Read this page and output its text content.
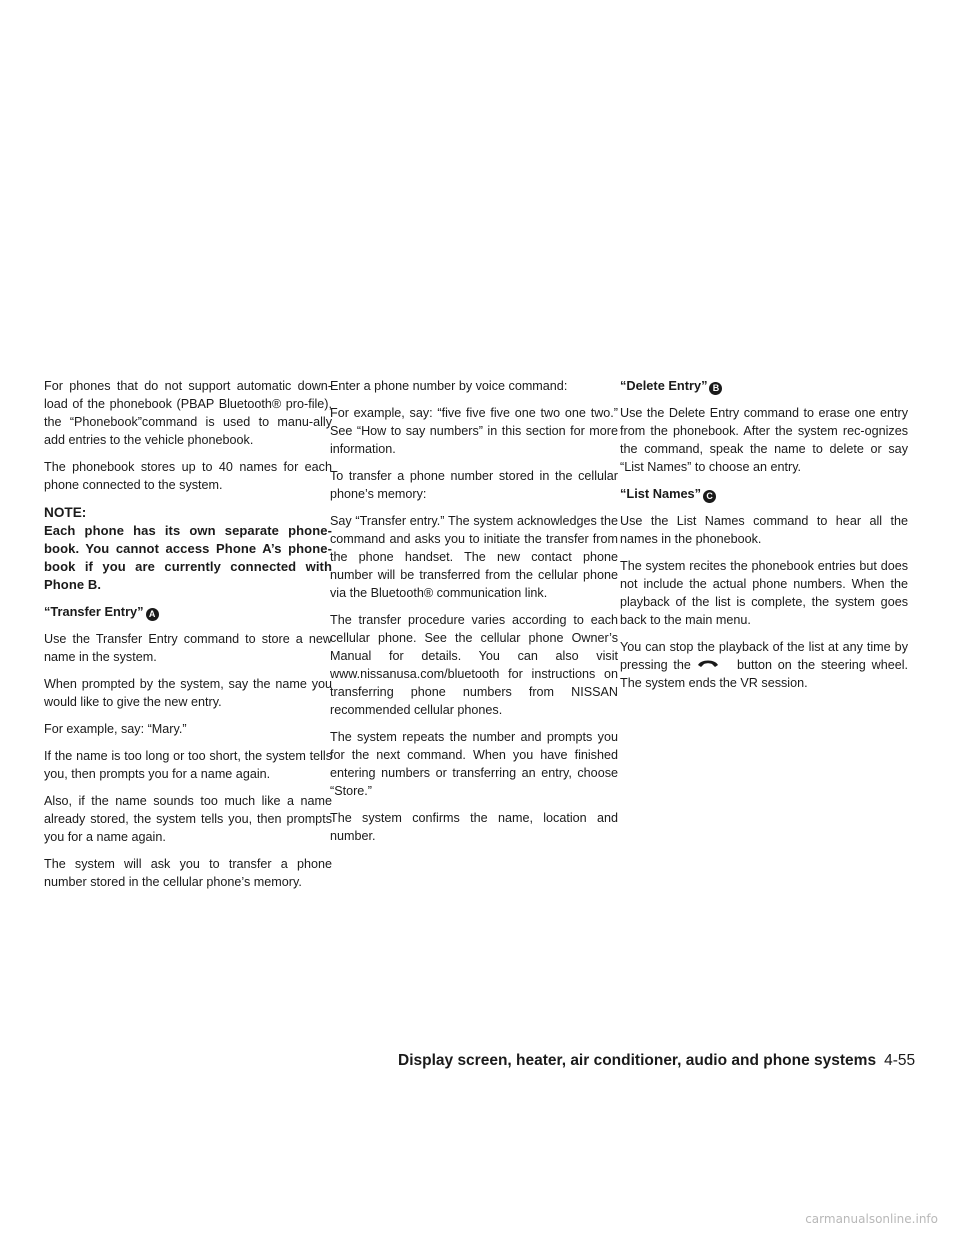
For phones that do not support automatic down-load of the phonebook (PBAP Bluetooth® pro-file), the “Phonebook”command is used to manu-ally add entries to the vehicle phonebook.

The phonebook stores up to 40 names for each phone connected to the system.

NOTE:

Each phone has its own separate phone-book. You cannot access Phone A’s phone-book if you are currently connected with Phone B.

“Transfer Entry” A

Use the Transfer Entry command to store a new name in the system.

When prompted by the system, say the name you would like to give the new entry.

For example, say: “Mary.”

If the name is too long or too short, the system tells you, then prompts you for a name again.

Also, if the name sounds too much like a name already stored, the system tells you, then prompts you for a name again.

The system will ask you to transfer a phone number stored in the cellular phone’s memory.

Enter a phone number by voice command:

For example, say: “five five five one two one two.” See “How to say numbers” in this section for more information.

To transfer a phone number stored in the cellular phone’s memory:

Say “Transfer entry.” The system acknowledges the command and asks you to initiate the transfer from the phone handset. The new contact phone number will be transferred from the cellular phone via the Bluetooth® communication link.

The transfer procedure varies according to each cellular phone. See the cellular phone Owner’s Manual for details. You can also visit www.nissanusa.com/bluetooth for instructions on transferring phone numbers from NISSAN recommended cellular phones.

The system repeats the number and prompts you for the next command. When you have finished entering numbers or transferring an entry, choose “Store.”

The system confirms the name, location and number.

“Delete Entry” B

Use the Delete Entry command to erase one entry from the phonebook. After the system rec-ognizes the command, speak the name to delete or say “List Names” to choose an entry.

“List Names” C

Use the List Names command to hear all the names in the phonebook.

The system recites the phonebook entries but does not include the actual phone numbers. When the playback of the list is complete, the system goes back to the main menu.

You can stop the playback of the list at any time by pressing the	button on the steering wheel. The system ends the VR session.

Display screen, heater, air conditioner, audio and phone systems 4-55
carmanualsonline.info
